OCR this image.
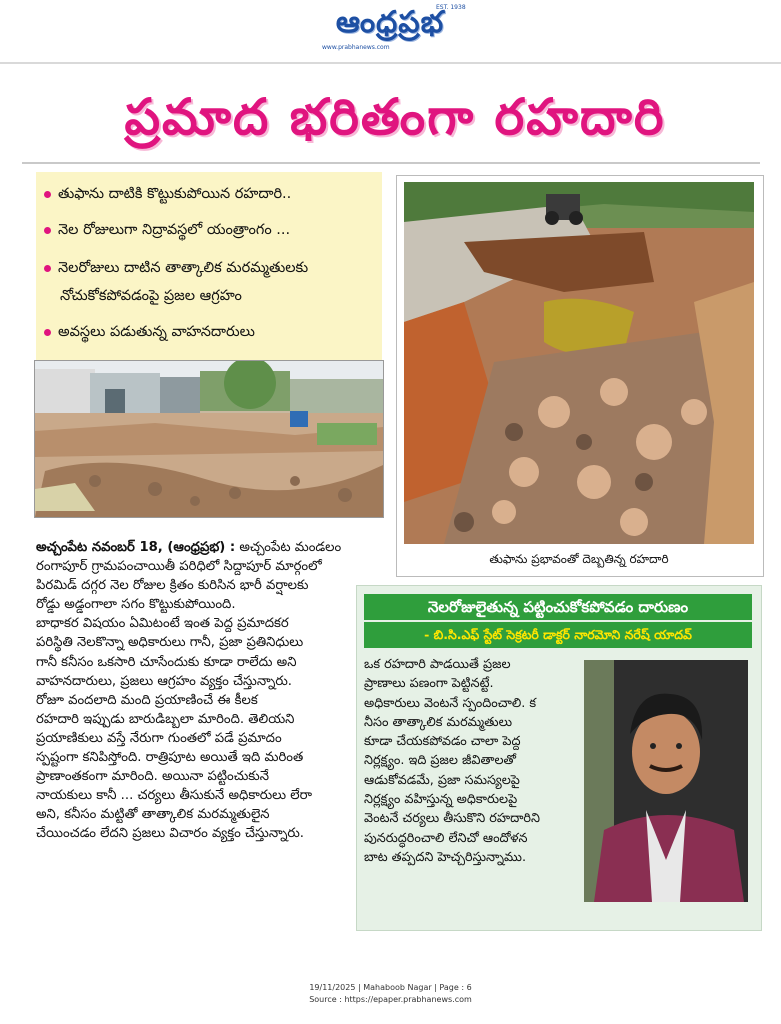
ఆంధ్రప్రభ
EST. 1938
www.prabhanews.com
ప్రమాద భరితంగా రహదారి
తుఫాను దాటికి కొట్టుకుపోయిన రహదారి..
నెల రోజులుగా నిద్రావస్థలో యంత్రాంగం ...
నెలరోజులు దాటిన తాత్కాలిక మరమ్మతులకు
నోచుకోకపోవడంపై ప్రజల ఆగ్రహం
అవస్థలు పడుతున్న వాహనదారులు
తుఫాను ప్రభావంతో దెబ్బతిన్న రహదారి

అచ్చంపేట నవంబర్ 18, (ఆంధ్రప్రభ) : అచ్చంపేట మండలం

రంగాపూర్ గ్రామపంచాయితీ పరిధిలో సిద్దాపూర్ మార్గంలో

పిరమిడ్ దగ్గర నెల రోజుల క్రితం కురిసిన భారీ వర్షాలకు

రోడ్డు అడ్డంగాలా సగం కొట్టుకుపోయింది.

బాధాకర విషయం ఏమిటంటే ఇంత పెద్ద ప్రమాదకర

పరిస్థితి నెలకొన్నా అధికారులు గానీ, ప్రజా ప్రతినిధులు

గానీ కనీసం ఒకసారి చూసేందుకు కూడా రాలేదు అని

వాహనదారులు, ప్రజలు ఆగ్రహం వ్యక్తం చేస్తున్నారు.

రోజూ వందలాది మంది ప్రయాణించే ఈ కీలక

రహదారి ఇప్పుడు బారుడిబ్బలా మారింది. తెలియని

ప్రయాణికులు వస్తే నేరుగా గుంతలో పడే ప్రమాదం

స్పష్టంగా కనిపిస్తోంది. రాత్రిపూట అయితే ఇది మరింత

ప్రాణాంతకంగా మారింది. అయినా పట్టించుకునే

నాయకులు కానీ ... చర్యలు తీసుకునే అధికారులు లేరా

అని, కనీసం మట్టితో తాత్కాలిక మరమ్మతులైన

చేయించడం లేదని ప్రజలు విచారం వ్యక్తం చేస్తున్నారు.

నెలరోజులైతున్న పట్టించుకోకపోవడం దారుణం
- బి.సి.ఎఫ్ స్టేట్ సెక్రటరీ డాక్టర్ నారమోని నరేష్ యాదవ్

ఒక రహదారి పాడయితే ప్రజల

ప్రాణాలు పణంగా పెట్టినట్టే.

అధికారులు వెంటనే స్పందించాలి. క

నీసం తాత్కాలిక మరమ్మతులు

కూడా చేయకపోవడం చాలా పెద్ద

నిర్లక్ష్యం. ఇది ప్రజల జీవితాలతో

ఆడుకోవడమే, ప్రజా సమస్యలపై

నిర్లక్ష్యం వహిస్తున్న అధికారులపై

వెంటనే చర్యలు తీసుకొని రహదారిని

పునరుద్ధరించాలి లేనిచో ఆందోళన

బాట తప్పదని హెచ్చరిస్తున్నాము.

19/11/2025 | Mahaboob Nagar | Page : 6
Source : https://epaper.prabhanews.com
